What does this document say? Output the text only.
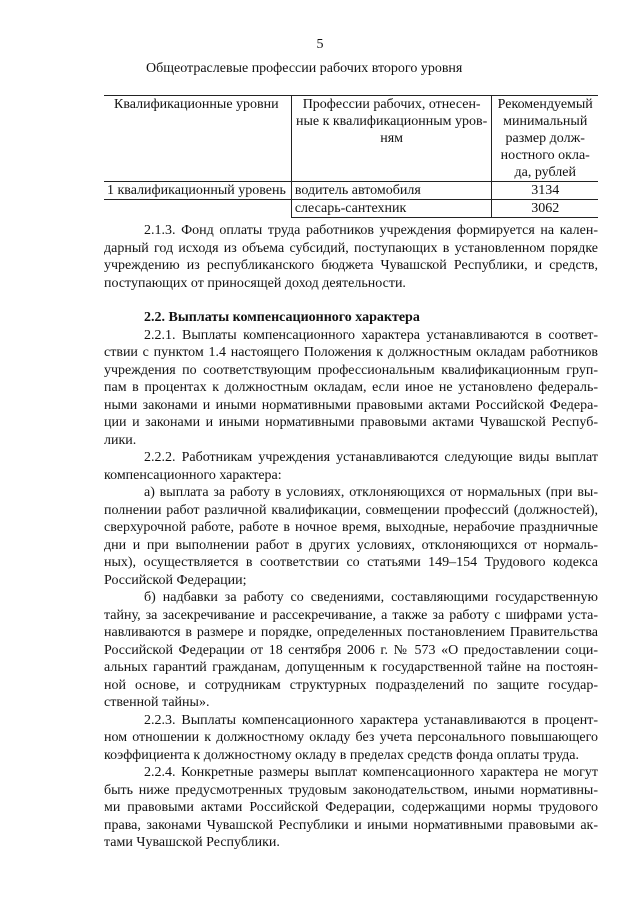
5
Общеотраслевые профессии рабочих второго уровня
Квалификационные уровни	Профессии рабочих, отнесен-ные к квалификационным уров-ням	Рекомендуемый минимальный размер долж-ностного окла-да, рублей
1 квалификационный уровень	водитель автомобиля	3134
	слесарь-сантехник	3062

2.1.3. Фонд оплаты труда работников учреждения формируется на кален-дарный год исходя из объема субсидий, поступающих в установленном порядке учреждению из республиканского бюджета Чувашской Республики, и средств, поступающих от приносящей доход деятельности.

2.2. Выплаты компенсационного характера

2.2.1. Выплаты компенсационного характера устанавливаются в соответ-ствии с пунктом 1.4 настоящего Положения к должностным окладам работников учреждения по соответствующим профессиональным квалификационным груп-пам в процентах к должностным окладам, если иное не установлено федераль-ными законами и иными нормативными правовыми актами Российской Федера-ции и законами и иными нормативными правовыми актами Чувашской Респуб-лики.

2.2.2. Работникам учреждения устанавливаются следующие виды выплат компенсационного характера:

а) выплата за работу в условиях, отклоняющихся от нормальных (при вы-полнении работ различной квалификации, совмещении профессий (должностей), сверхурочной работе, работе в ночное время, выходные, нерабочие праздничные дни и при выполнении работ в других условиях, отклоняющихся от нормаль-ных), осуществляется в соответствии со статьями 149–154 Трудового кодекса Российской Федерации;

б) надбавки за работу со сведениями, составляющими государственную тайну, за засекречивание и рассекречивание, а также за работу с шифрами уста-навливаются в размере и порядке, определенных постановлением Правительства Российской Федерации от 18 сентября 2006 г. № 573 «О предоставлении соци-альных гарантий гражданам, допущенным к государственной тайне на постоян-ной основе, и сотрудникам структурных подразделений по защите государ-ственной тайны».

2.2.3. Выплаты компенсационного характера устанавливаются в процент-ном отношении к должностному окладу без учета персонального повышающего коэффициента к должностному окладу в пределах средств фонда оплаты труда.

2.2.4. Конкретные размеры выплат компенсационного характера не могут быть ниже предусмотренных трудовым законодательством, иными нормативны-ми правовыми актами Российской Федерации, содержащими нормы трудового права, законами Чувашской Республики и иными нормативными правовыми ак-тами Чувашской Республики.
